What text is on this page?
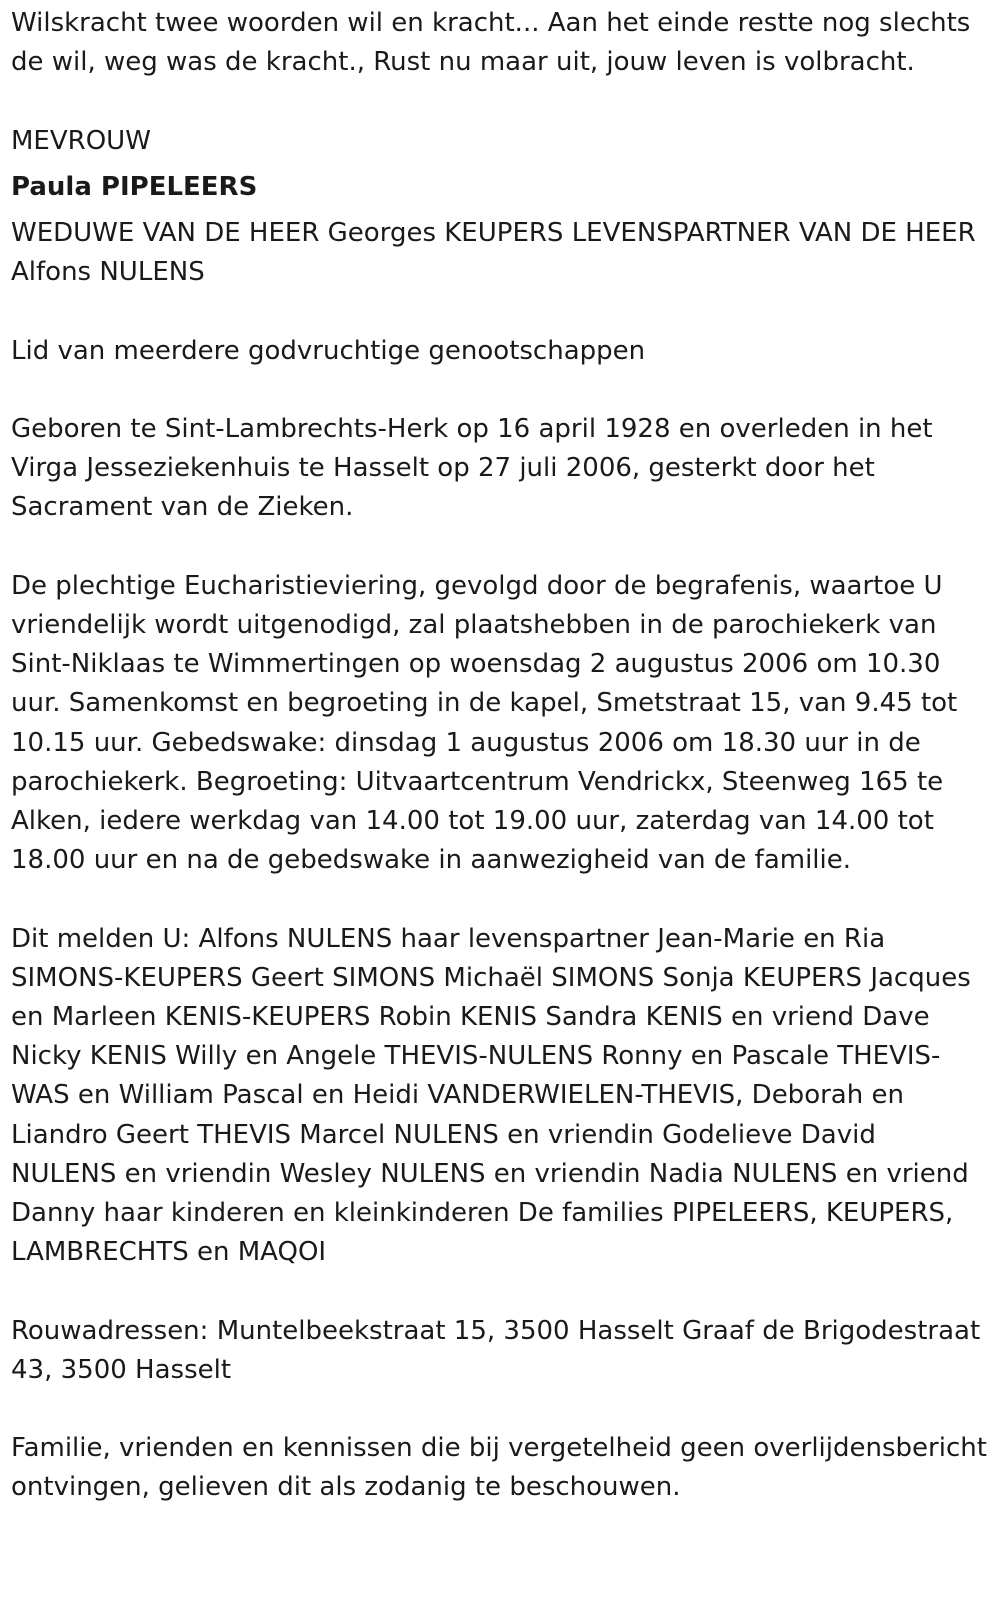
Wilskracht twee woorden wil en kracht... Aan het einde restte nog slechts de wil, weg was de kracht., Rust nu maar uit, jouw leven is volbracht.

MEVROUW

Paula PIPELEERS

WEDUWE VAN DE HEER Georges KEUPERS LEVENSPARTNER VAN DE HEER Alfons NULENS

Lid van meerdere godvruchtige genootschappen

Geboren te Sint-Lambrechts-Herk op 16 april 1928 en overleden in het Virga Jesseziekenhuis te Hasselt op 27 juli 2006, gesterkt door het Sacrament van de Zieken.

De plechtige Eucharistieviering, gevolgd door de begrafenis, waartoe U vriendelijk wordt uitgenodigd, zal plaatshebben in de parochiekerk van Sint-Niklaas te Wimmertingen op woensdag 2 augustus 2006 om 10.30 uur. Samenkomst en begroeting in de kapel, Smetstraat 15, van 9.45 tot 10.15 uur. Gebedswake: dinsdag 1 augustus 2006 om 18.30 uur in de parochiekerk. Begroeting: Uitvaartcentrum Vendrickx, Steenweg 165 te Alken, iedere werkdag van 14.00 tot 19.00 uur, zaterdag van 14.00 tot 18.00 uur en na de gebedswake in aanwezigheid van de familie.

Dit melden U: Alfons NULENS haar levenspartner Jean-Marie en Ria SIMONS-KEUPERS Geert SIMONS Michaël SIMONS Sonja KEUPERS Jacques en Marleen KENIS-KEUPERS Robin KENIS Sandra KENIS en vriend Dave Nicky KENIS Willy en Angele THEVIS-NULENS Ronny en Pascale THEVIS-WAS en William Pascal en Heidi VANDERWIELEN-THEVIS, Deborah en Liandro Geert THEVIS Marcel NULENS en vriendin Godelieve David NULENS en vriendin Wesley NULENS en vriendin Nadia NULENS en vriend Danny haar kinderen en kleinkinderen De families PIPELEERS, KEUPERS, LAMBRECHTS en MAQOI

Rouwadressen: Muntelbeekstraat 15, 3500 Hasselt Graaf de Brigodestraat 43, 3500 Hasselt

Familie, vrienden en kennissen die bij vergetelheid geen overlijdensbericht ontvingen, gelieven dit als zodanig te beschouwen.
